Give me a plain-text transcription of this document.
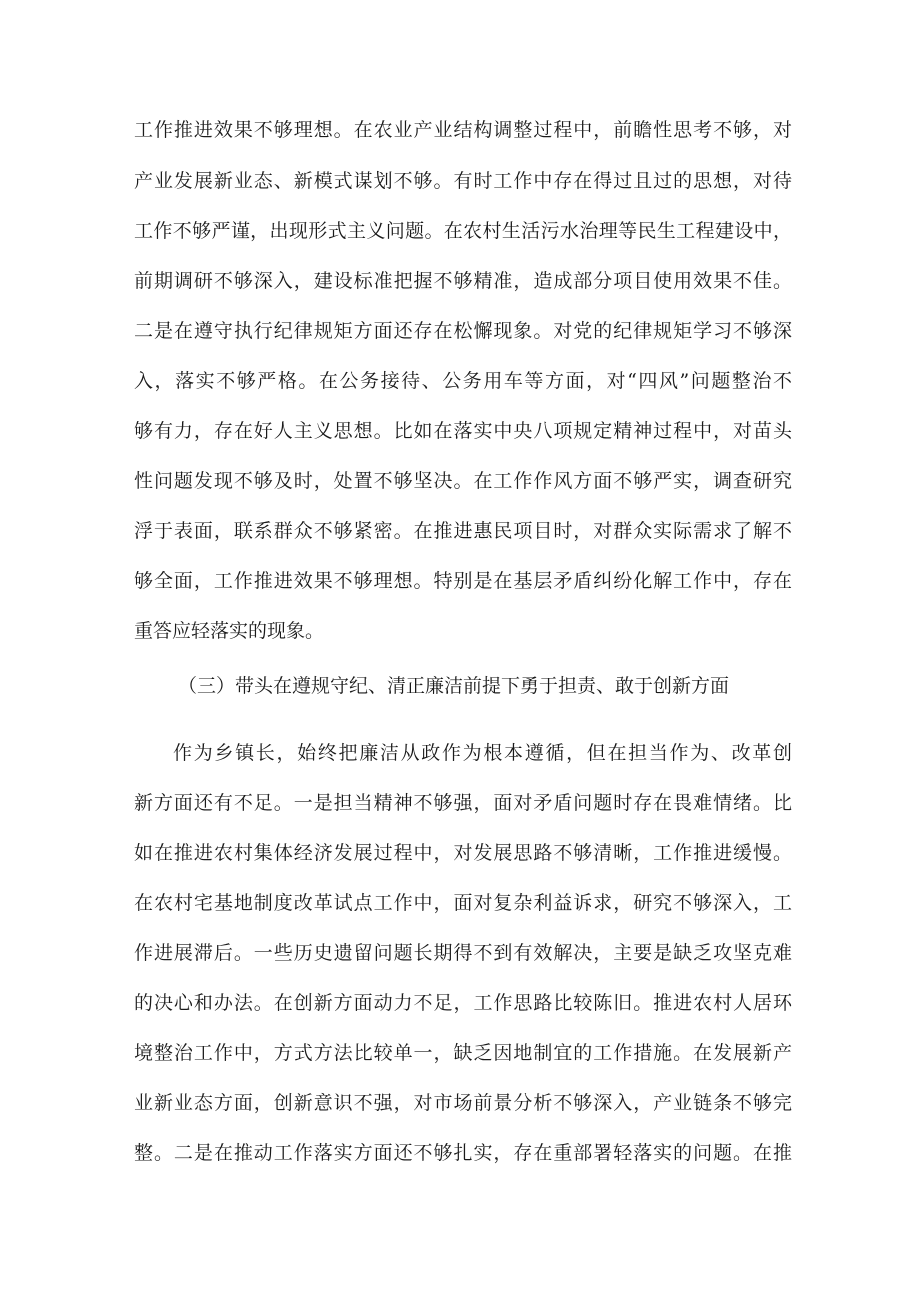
工作推进效果不够理想。在农业产业结构调整过程中，前瞻性思考不够，对
产业发展新业态、新模式谋划不够。有时工作中存在得过且过的思想，对待
工作不够严谨，出现形式主义问题。在农村生活污水治理等民生工程建设中，
前期调研不够深入，建设标准把握不够精准，造成部分项目使用效果不佳。
二是在遵守执行纪律规矩方面还存在松懈现象。对党的纪律规矩学习不够深
入，落实不够严格。在公务接待、公务用车等方面，对“四风”问题整治不
够有力，存在好人主义思想。比如在落实中央八项规定精神过程中，对苗头
性问题发现不够及时，处置不够坚决。在工作作风方面不够严实，调查研究
浮于表面，联系群众不够紧密。在推进惠民项目时，对群众实际需求了解不
够全面，工作推进效果不够理想。特别是在基层矛盾纠纷化解工作中，存在
重答应轻落实的现象。
（三）带头在遵规守纪、清正廉洁前提下勇于担责、敢于创新方面
作为乡镇长，始终把廉洁从政作为根本遵循，但在担当作为、改革创
新方面还有不足。一是担当精神不够强，面对矛盾问题时存在畏难情绪。比
如在推进农村集体经济发展过程中，对发展思路不够清晰，工作推进缓慢。
在农村宅基地制度改革试点工作中，面对复杂利益诉求，研究不够深入，工
作进展滞后。一些历史遗留问题长期得不到有效解决，主要是缺乏攻坚克难
的决心和办法。在创新方面动力不足，工作思路比较陈旧。推进农村人居环
境整治工作中，方式方法比较单一，缺乏因地制宜的工作措施。在发展新产
业新业态方面，创新意识不强，对市场前景分析不够深入，产业链条不够完
整。二是在推动工作落实方面还不够扎实，存在重部署轻落实的问题。在推
